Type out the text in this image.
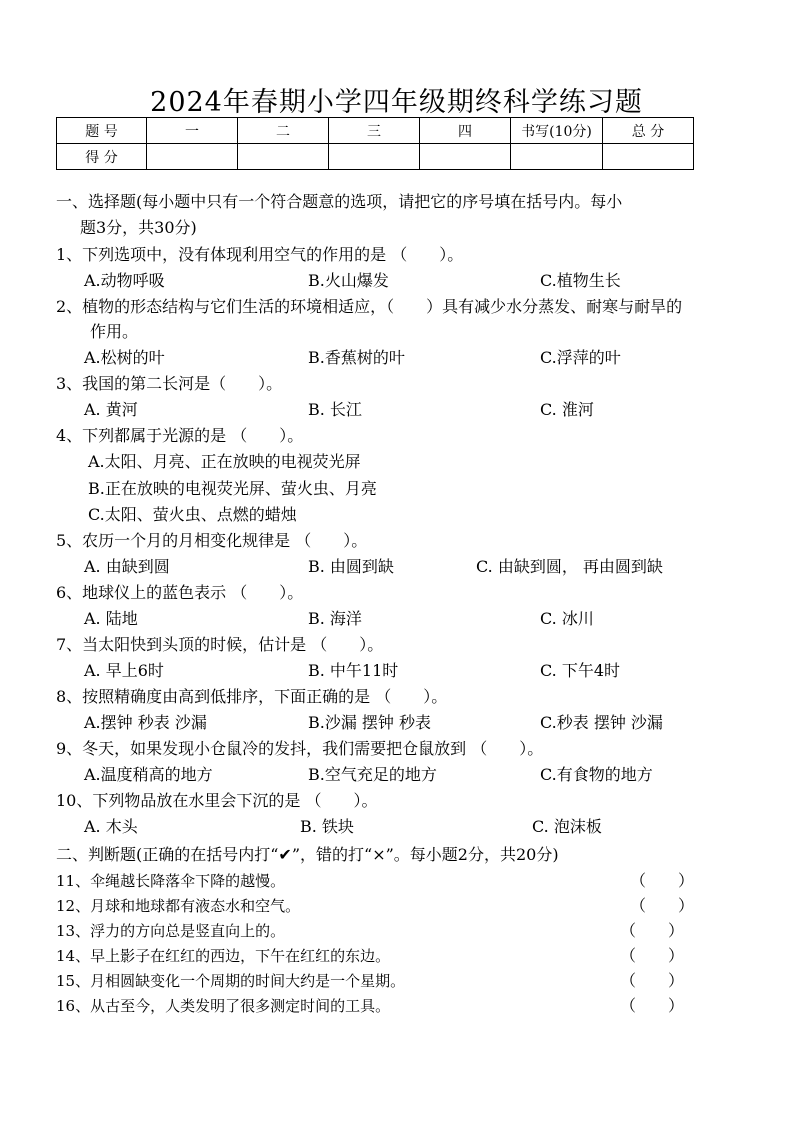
2024年春期小学四年级期终科学练习题
题 号	一	二	三	四	书写(10分)	总 分
得 分						
一、选择题(每小题中只有一个符合题意的选项，请把它的序号填在括号内。每小
题3分，共30分)
1、下列选项中，没有体现利用空气的作用的是 （　　）。
A.动物呼吸	B.火山爆发	C.植物生长
2、植物的形态结构与它们生活的环境相适应，（　　）具有减少水分蒸发、耐寒与耐旱的
作用。
A.松树的叶	B.香蕉树的叶	C.浮萍的叶
3、我国的第二长河是（　　）。
A. 黄河	B. 长江	C. 淮河
4、下列都属于光源的是 （　　）。
A.太阳、月亮、正在放映的电视荧光屏
B.正在放映的电视荧光屏、萤火虫、月亮
C.太阳、萤火虫、点燃的蜡烛
5、农历一个月的月相变化规律是 （　　）。
A. 由缺到圆	B. 由圆到缺	C. 由缺到圆， 再由圆到缺
6、地球仪上的蓝色表示 （　　）。
A. 陆地	B. 海洋	C. 冰川
7、当太阳快到头顶的时候，估计是 （　　）。
A. 早上6时	B. 中午11时	C. 下午4时
8、按照精确度由高到低排序，下面正确的是 （　　）。
A.摆钟 秒表 沙漏	B.沙漏 摆钟 秒表	C.秒表 摆钟 沙漏
9、冬天，如果发现小仓鼠冷的发抖，我们需要把仓鼠放到 （　　）。
A.温度稍高的地方	B.空气充足的地方	C.有食物的地方
10、下列物品放在水里会下沉的是 （　　）。
A. 木头	B. 铁块	C. 泡沫板
二、判断题(正确的在括号内打“✔”，错的打“×”。每小题2分，共20分)
11、伞绳越长降落伞下降的越慢。	（　　）
12、月球和地球都有液态水和空气。	（　　）
13、浮力的方向总是竖直向上的。	（　　）
14、早上影子在红红的西边，下午在红红的东边。	（　　）
15、月相圆缺变化一个周期的时间大约是一个星期。	（　　）
16、从古至今，人类发明了很多测定时间的工具。	（　　）
